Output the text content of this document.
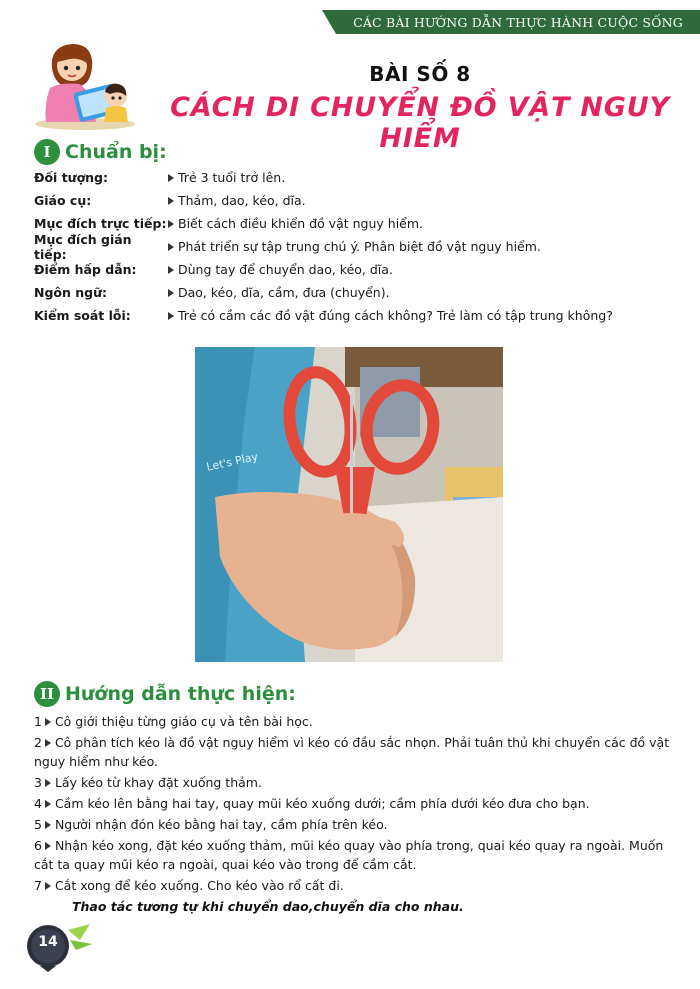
CÁC BÀI HƯỚNG DẪN THỰC HÀNH CUỘC SỐNG
BÀI SỐ 8
CÁCH DI CHUYỂN ĐỒ VẬT NGUY HIỂM
I Chuẩn bị:
Đối tượng:	Trẻ 3 tuổi trở lên.
Giáo cụ:	Thảm, dao, kéo, dĩa.
Mục đích trực tiếp: Biết cách điều khiển đồ vật nguy hiểm.
Mục đích gián tiếp:	Phát triển sự tập trung chú ý. Phân biệt đồ vật nguy hiểm.
Điểm hấp dẫn:	Dùng tay để chuyển dao, kéo, dĩa.
Ngôn ngữ:	Dao, kéo, dĩa, cầm, đưa (chuyển).
Kiểm soát lỗi:	Trẻ có cầm các đồ vật đúng cách không? Trẻ làm có tập trung không?
Let's Play
II Hướng dẫn thực hiện:
1 Cô giới thiệu từng giáo cụ và tên bài học.
2 Cô phân tích kéo là đồ vật nguy hiểm vì kéo có đầu sắc nhọn. Phải tuân thủ khi chuyển các đồ vật nguy hiểm như kéo.
3 Lấy kéo từ khay đặt xuống thảm.
4 Cầm kéo lên bằng hai tay, quay mũi kéo xuống dưới; cầm phía dưới kéo đưa cho bạn.
5 Người nhận đón kéo bằng hai tay, cầm phía trên kéo.
6 Nhận kéo xong, đặt kéo xuống thảm, mũi kéo quay vào phía trong, quai kéo quay ra ngoài. Muốn cắt ta quay mũi kéo ra ngoài, quai kéo vào trong để cầm cắt.
7 Cắt xong để kéo xuống. Cho kéo vào rổ cất đi.
Thao tác tương tự khi chuyển dao,chuyển dĩa cho nhau.
14
